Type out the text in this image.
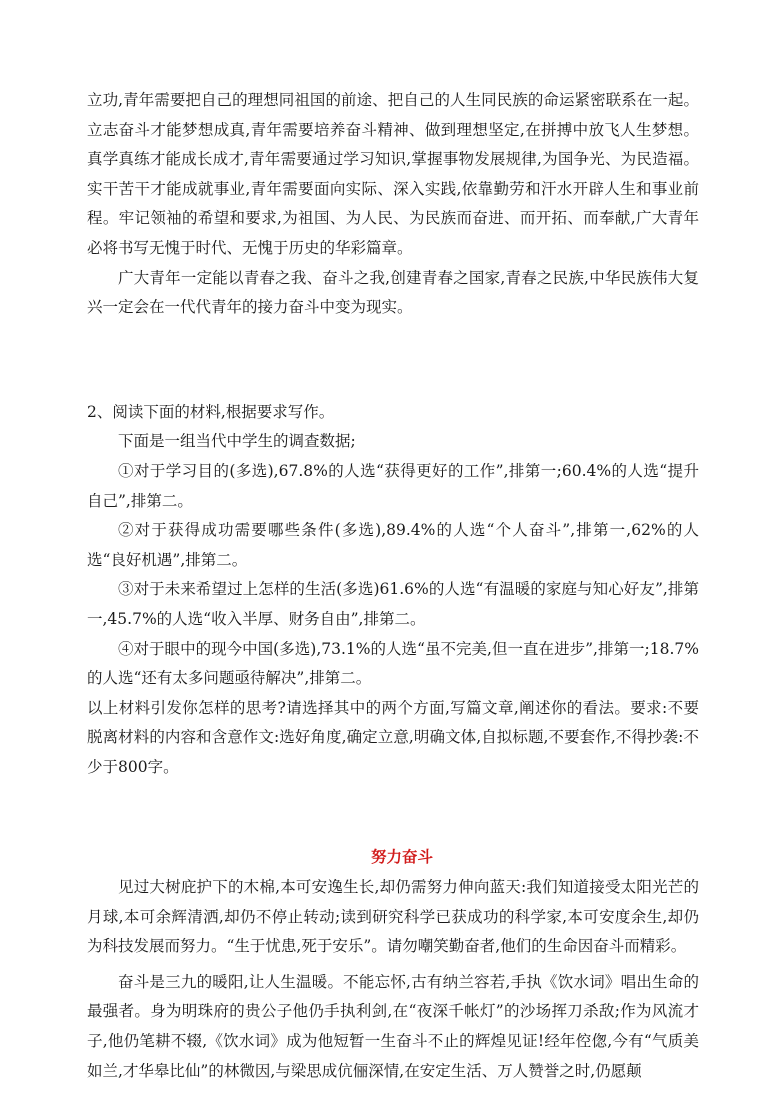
立功,青年需要把自己的理想同祖国的前途、把自己的人生同民族的命运紧密联系在一起。立志奋斗才能梦想成真,青年需要培养奋斗精神、做到理想坚定,在拼搏中放飞人生梦想。真学真练才能成长成才,青年需要通过学习知识,掌握事物发展规律,为国争光、为民造福。实干苦干才能成就事业,青年需要面向实际、深入实践,依靠勤劳和汗水开辟人生和事业前程。牢记领袖的希望和要求,为祖国、为人民、为民族而奋进、而开拓、而奉献,广大青年必将书写无愧于时代、无愧于历史的华彩篇章。

广大青年一定能以青春之我、奋斗之我,创建青春之国家,青春之民族,中华民族伟大复兴一定会在一代代青年的接力奋斗中变为现实。

2、阅读下面的材料,根据要求写作。

下面是一组当代中学生的调查数据;

①对于学习目的(多选),67.8%的人选“获得更好的工作”,排第一;60.4%的人选“提升自己”,排第二。

②对于获得成功需要哪些条件(多选),89.4%的人选“个人奋斗”,排第一,62%的人选“良好机遇”,排第二。

③对于未来希望过上怎样的生活(多选)61.6%的人选“有温暖的家庭与知心好友”,排第一,45.7%的人选“收入半厚、财务自由”,排第二。

④对于眼中的现今中国(多选),73.1%的人选“虽不完美,但一直在进步”,排第一;18.7%的人选“还有太多问题亟待解决”,排第二。

以上材料引发你怎样的思考?请选择其中的两个方面,写篇文章,阐述你的看法。要求:不要脱离材料的内容和含意作文:选好角度,确定立意,明确文体,自拟标题,不要套作,不得抄袭:不少于800字。

努力奋斗

见过大树庇护下的木棉,本可安逸生长,却仍需努力伸向蓝天:我们知道接受太阳光芒的月球,本可余辉清洒,却仍不停止转动;读到研究科学已获成功的科学家,本可安度余生,却仍为科技发展而努力。“生于忧患,死于安乐”。请勿嘲笑勤奋者,他们的生命因奋斗而精彩。

奋斗是三九的暖阳,让人生温暖。不能忘怀,古有纳兰容若,手执《饮水词》唱出生命的最强者。身为明珠府的贵公子他仍手执利剑,在“夜深千帐灯”的沙场挥刀杀敌;作为风流才子,他仍笔耕不辍,《饮水词》成为他短暂一生奋斗不止的辉煌见证!经年倥偬,今有“气质美如兰,才华皋比仙”的林微因,与梁思成伉俪深情,在安定生活、万人赞誉之时,仍愿颠
